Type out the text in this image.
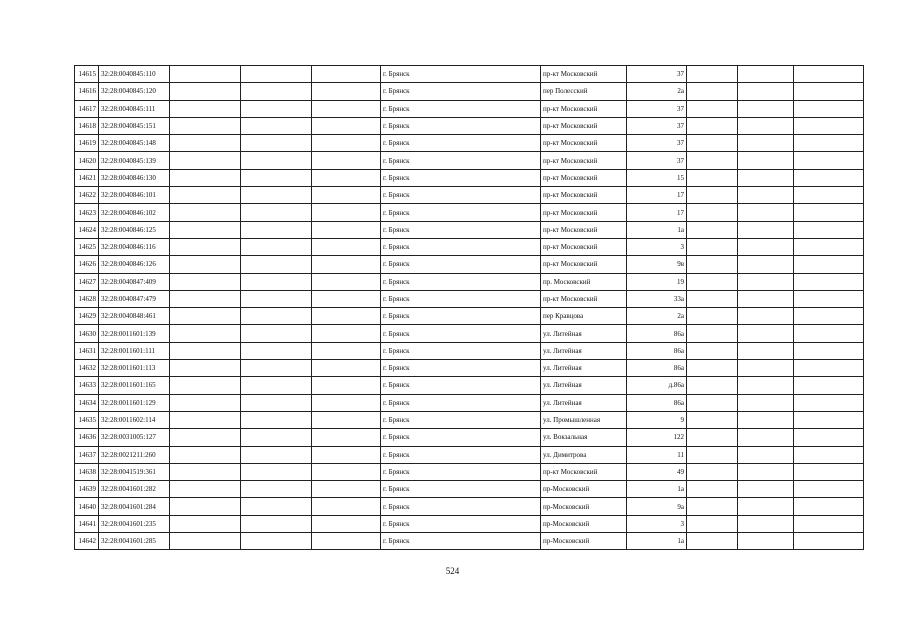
14615	32:28:0040845:110				г. Брянск	пр-кт Московский	37			
14616	32:28:0040845:120				г. Брянск	пер Полесский	2а			
14617	32:28:0040845:111				г. Брянск	пр-кт Московский	37			
14618	32:28:0040845:151				г. Брянск	пр-кт Московский	37			
14619	32:28:0040845:148				г. Брянск	пр-кт Московский	37			
14620	32:28:0040845:139				г. Брянск	пр-кт Московский	37			
14621	32:28:0040846:130				г. Брянск	пр-кт Московский	15			
14622	32:28:0040846:101				г. Брянск	пр-кт Московский	17			
14623	32:28:0040846:102				г. Брянск	пр-кт Московский	17			
14624	32:28:0040846:125				г. Брянск	пр-кт Московский	1а			
14625	32:28:0040846:116				г. Брянск	пр-кт Московский	3			
14626	32:28:0040846:126				г. Брянск	пр-кт Московский	9в			
14627	32:28:0040847:409				г. Брянск	пр. Московский	19			
14628	32:28:0040847:479				г. Брянск	пр-кт Московский	33а			
14629	32:28:0040848:461				г. Брянск	пер Кравцова	2а			
14630	32:28:0011601:139				г. Брянск	ул. Литейная	86а			
14631	32:28:0011601:111				г. Брянск	ул. Литейная	86а			
14632	32:28:0011601:113				г. Брянск	ул. Литейная	86а			
14633	32:28:0011601:165				г. Брянск	ул. Литейная	д.86а			
14634	32:28:0011601:129				г. Брянск	ул. Литейная	86а			
14635	32:28:0011602:114				г. Брянск	ул. Промышленная	9			
14636	32:28:0031005:127				г. Брянск	ул. Вокзальная	122			
14637	32:28:0021211:260				г. Брянск	ул. Димитрова	11			
14638	32:28:0041519:361				г. Брянск	пр-кт Московский	49			
14639	32:28:0041601:282				г. Брянск	пр-Московский	1а			
14640	32:28:0041601:284				г. Брянск	пр-Московский	9а			
14641	32:28:0041601:235				г. Брянск	пр-Московский	3			
14642	32:28:0041601:285				г. Брянск	пр-Московский	1а			
524
